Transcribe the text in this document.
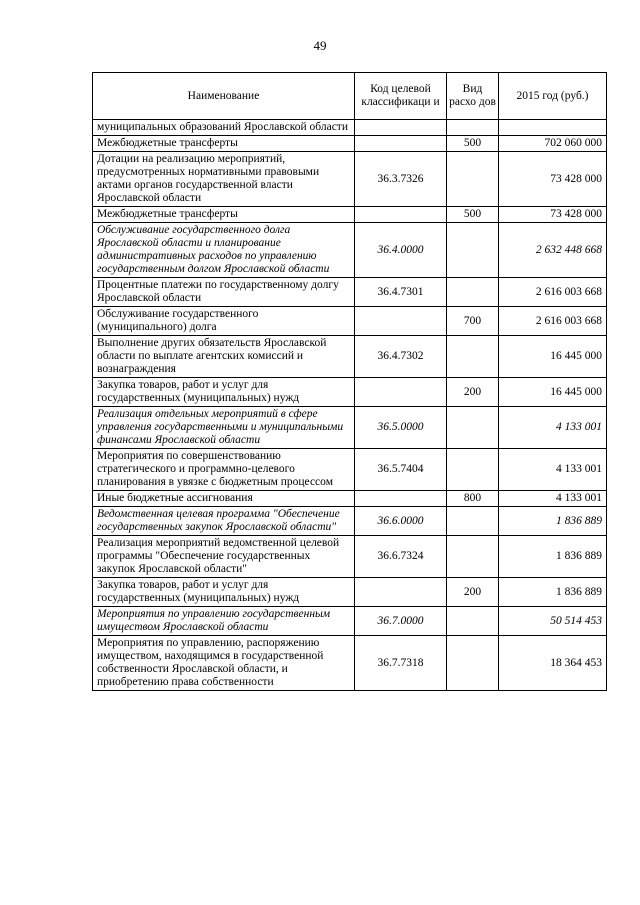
49
Наименование	Код целевой классификаци и	Вид расхо дов	2015 год (руб.)
муниципальных образований Ярославской области			
Межбюджетные трансферты		500	702 060 000
Дотации на реализацию мероприятий, предусмотренных нормативными правовыми актами органов государственной власти Ярославской области	36.3.7326		73 428 000
Межбюджетные трансферты		500	73 428 000
Обслуживание государственного долга Ярославской области и планирование административных расходов по управлению государственным долгом Ярославской области	36.4.0000		2 632 448 668
Процентные платежи по государственному долгу Ярославской области	36.4.7301		2 616 003 668
Обслуживание государственного (муниципального) долга		700	2 616 003 668
Выполнение других обязательств Ярославской области по выплате агентских комиссий и вознаграждения	36.4.7302		16 445 000
Закупка товаров, работ и услуг для государственных (муниципальных) нужд		200	16 445 000
Реализация отдельных мероприятий в сфере управления государственными и муниципальными финансами Ярославской области	36.5.0000		4 133 001
Мероприятия по совершенствованию стратегического и программно-целевого планирования в увязке с бюджетным процессом	36.5.7404		4 133 001
Иные бюджетные ассигнования		800	4 133 001
Ведомственная целевая программа "Обеспечение государственных закупок Ярославской области"	36.6.0000		1 836 889
Реализация мероприятий ведомственной целевой программы "Обеспечение государственных закупок Ярославской области"	36.6.7324		1 836 889
Закупка товаров, работ и услуг для государственных (муниципальных) нужд		200	1 836 889
Мероприятия по управлению государственным имуществом Ярославской области	36.7.0000		50 514 453
Мероприятия по управлению, распоряжению имуществом, находящимся в государственной собственности Ярославской области, и приобретению права собственности	36.7.7318		18 364 453
